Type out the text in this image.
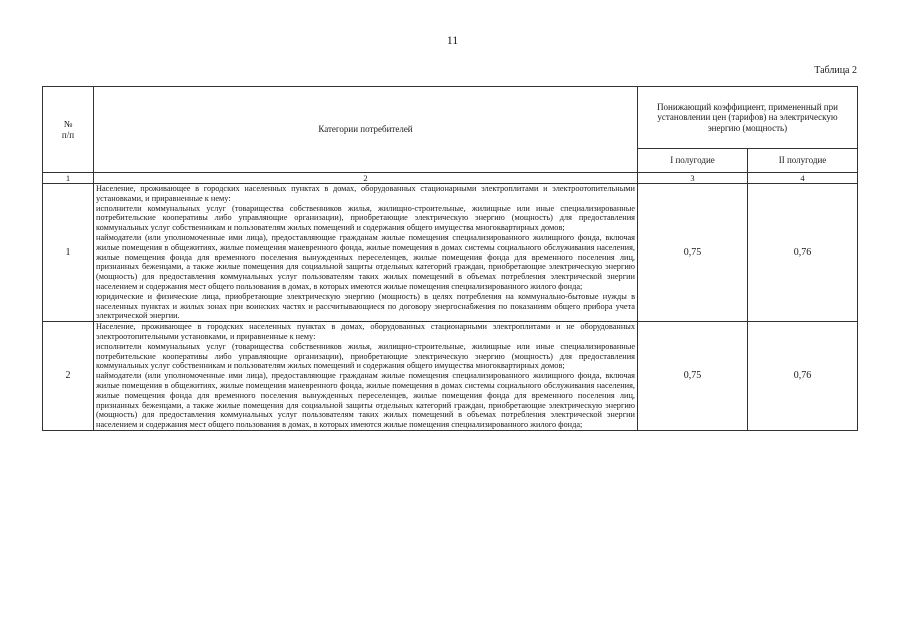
11
Таблица 2
№
п/п	Категории потребителей	Понижающий коэффициент, примененный при установлении цен (тарифов) на электрическую энергию (мощность)	
		I полугодие	II полугодие
1	2	3	4
1	Население, проживающее в городских населенных пунктах в домах, оборудованных стационарными электроплитами и электроотопительными установками, и приравненные к нему:

исполнители коммунальных услуг (товарищества собственников жилья, жилищно-строительные, жилищные или иные специализированные потребительские кооперативы либо управляющие организации), приобретающие электрическую энергию (мощность) для предоставления коммунальных услуг собственникам и пользователям жилых помещений и содержания общего имущества многоквартирных домов;

наймодатели (или уполномоченные ими лица), предоставляющие гражданам жилые помещения специализированного жилищного фонда, включая жилые помещения в общежитиях, жилые помещения маневренного фонда, жилые помещения в домах системы социального обслуживания населения, жилые помещения фонда для временного поселения вынужденных переселенцев, жилые помещения фонда для временного поселения лиц, признанных беженцами, а также жилые помещения для социальной защиты отдельных категорий граждан, приобретающие электрическую энергию (мощность) для предоставления коммунальных услуг пользователям таких жилых помещений в объемах потребления электрической энергии населением и содержания мест общего пользования в домах, в которых имеются жилые помещения специализированного жилого фонда;

юридические и физические лица, приобретающие электрическую энергию (мощность) в целях потребления на коммунально-бытовые нужды в населенных пунктах и жилых зонах при воинских частях и рассчитывающиеся по договору энергоснабжения по показаниям общего прибора учета электрической энергии.	0,75	0,76
2	Население, проживающее в городских населенных пунктах в домах, оборудованных стационарными электроплитами и не оборудованных электроотопительными установками, и приравненные к нему:

исполнители коммунальных услуг (товарищества собственников жилья, жилищно-строительные, жилищные или иные специализированные потребительские кооперативы либо управляющие организации), приобретающие электрическую энергию (мощность) для предоставления коммунальных услуг собственникам и пользователям жилых помещений и содержания общего имущества многоквартирных домов;

наймодатели (или уполномоченные ими лица), предоставляющие гражданам жилые помещения специализированного жилищного фонда, включая жилые помещения в общежитиях, жилые помещения маневренного фонда, жилые помещения в домах системы социального обслуживания населения, жилые помещения фонда для временного поселения вынужденных переселенцев, жилые помещения фонда для временного поселения лиц, признанных беженцами, а также жилые помещения для социальной защиты отдельных категорий граждан, приобретающие электрическую энергию (мощность) для предоставления коммунальных услуг пользователям таких жилых помещений в объемах потребления электрической энергии населением и содержания мест общего пользования в домах, в которых имеются жилые помещения специализированного жилого фонда;	0,75	0,76
